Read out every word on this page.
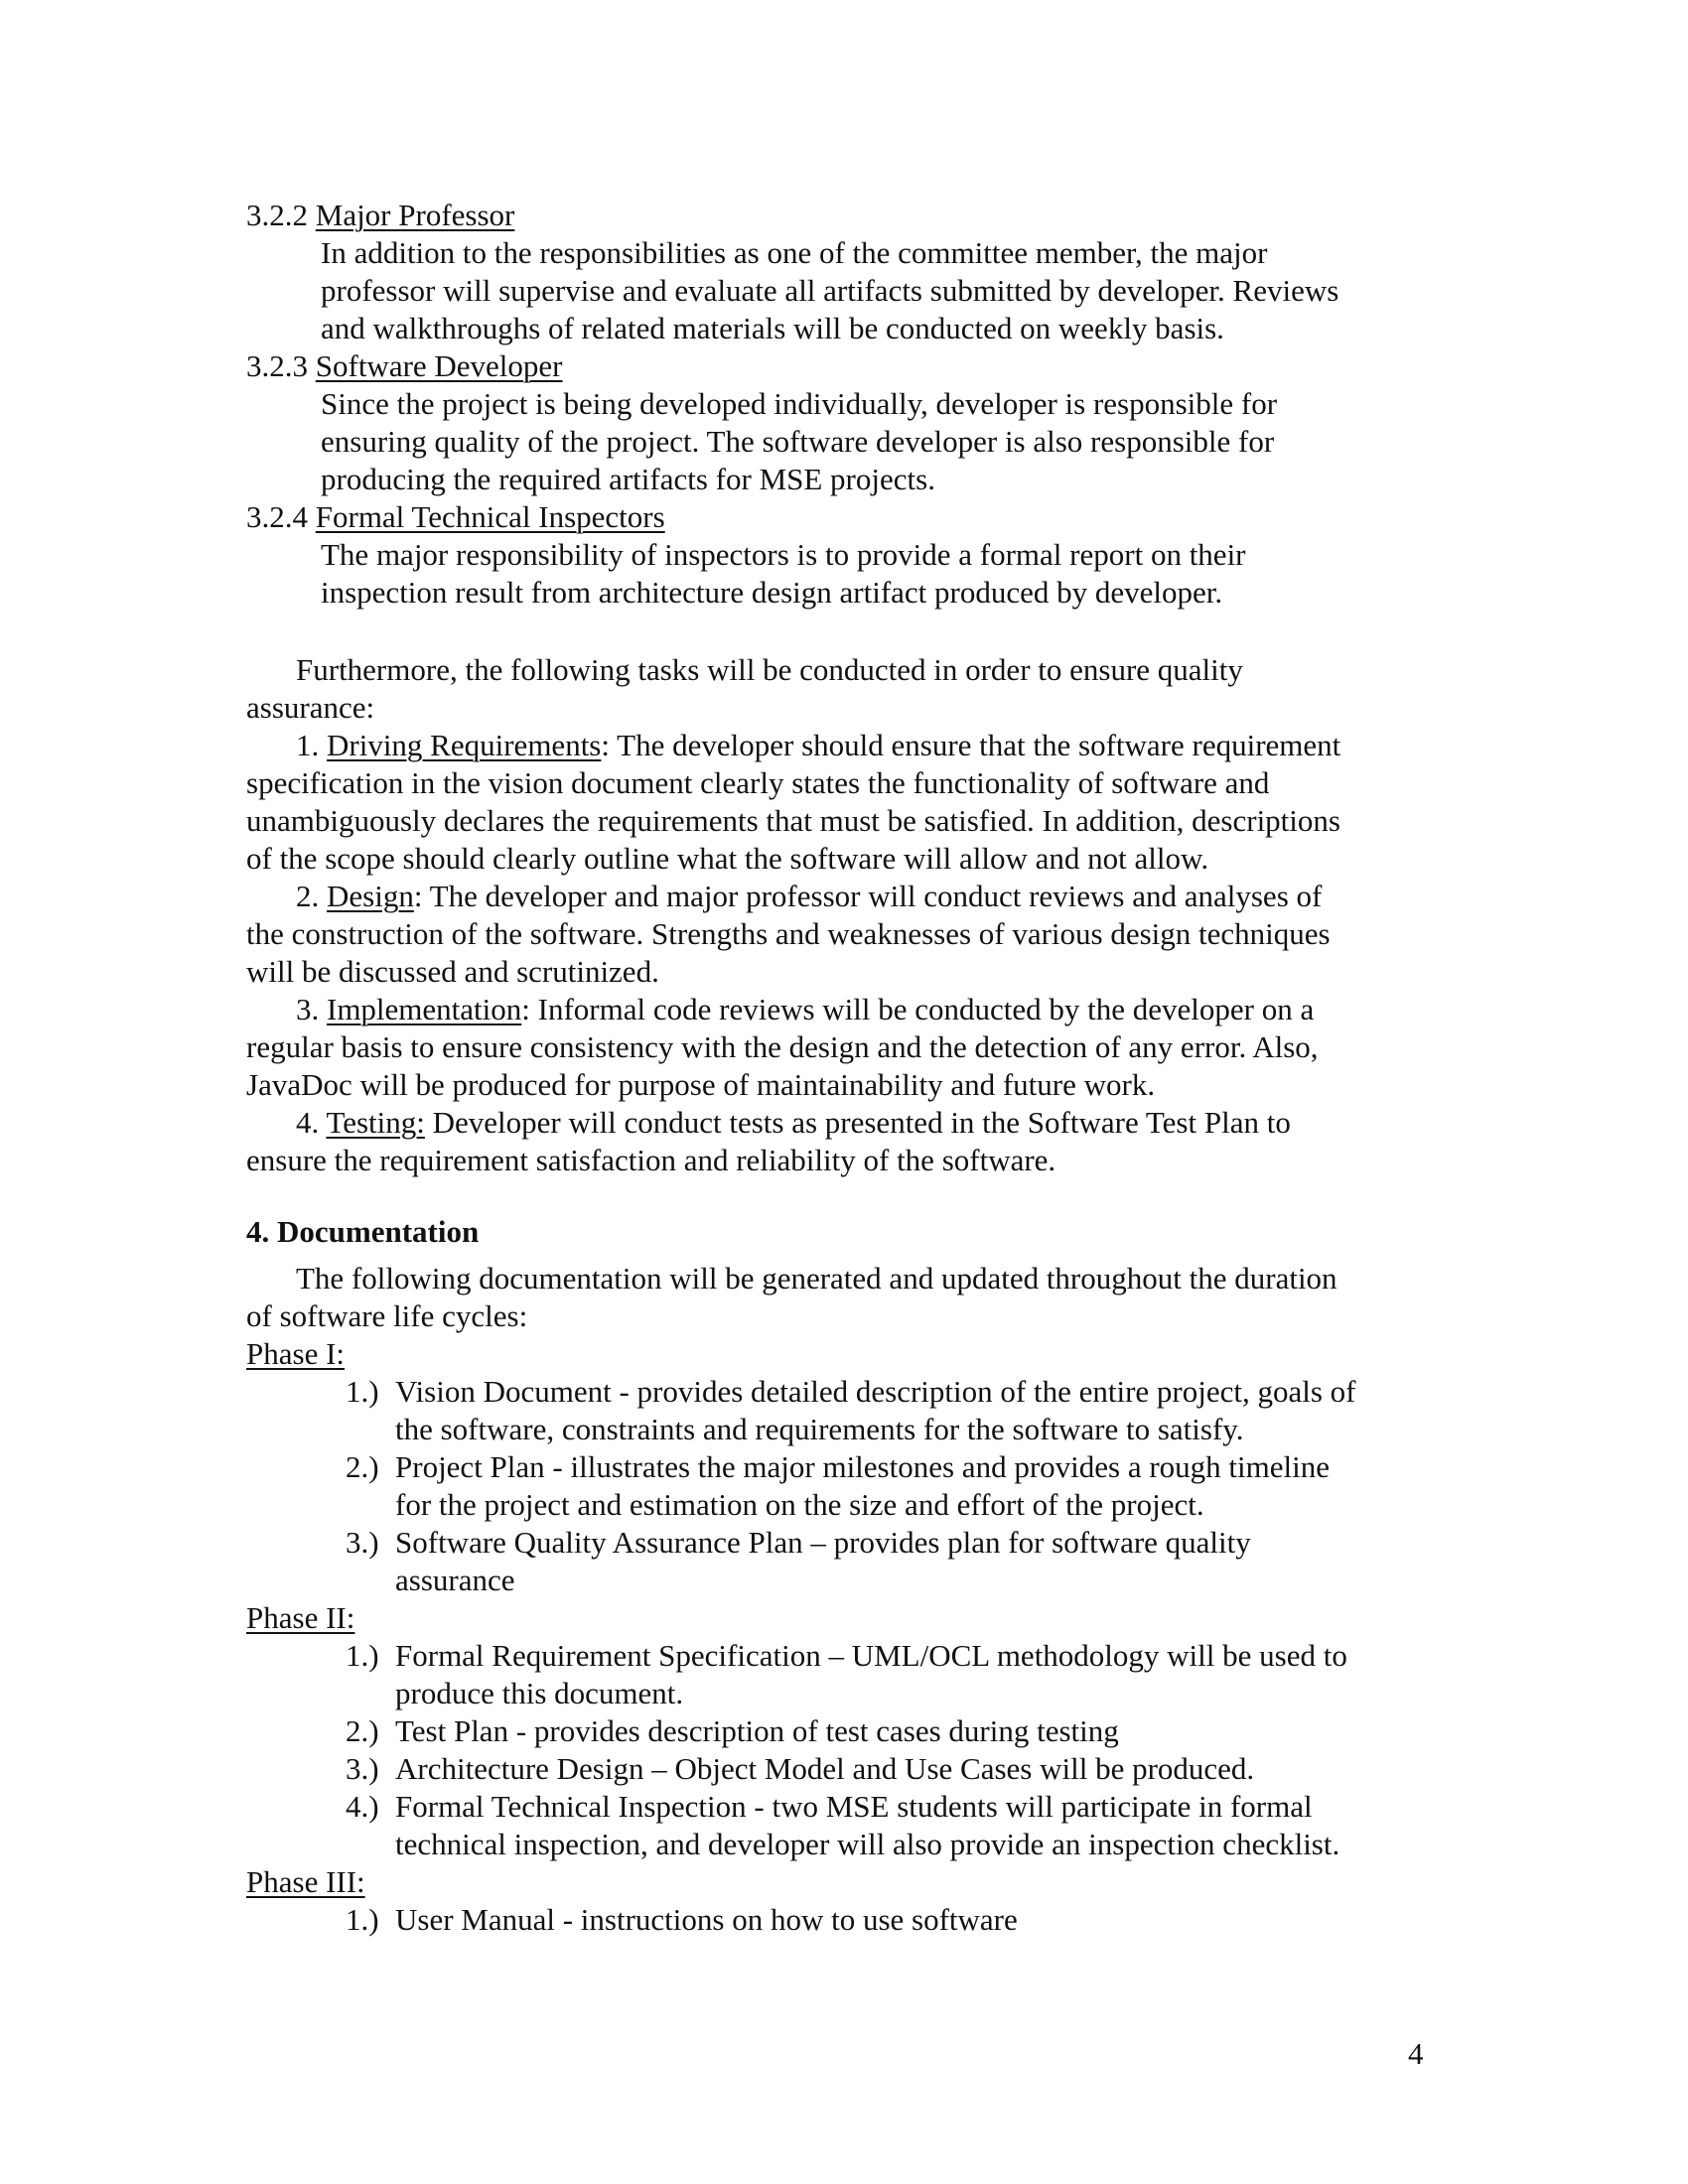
3.2.2 Major Professor
In addition to the responsibilities as one of the committee member, the major
professor will supervise and evaluate all artifacts submitted by developer. Reviews
and walkthroughs of related materials will be conducted on weekly basis.
3.2.3 Software Developer
Since the project is being developed individually, developer is responsible for
ensuring quality of the project. The software developer is also responsible for
producing the required artifacts for MSE projects.
3.2.4 Formal Technical Inspectors
The major responsibility of inspectors is to provide a formal report on their
inspection result from architecture design artifact produced by developer.
Furthermore, the following tasks will be conducted in order to ensure quality
assurance:
1. Driving Requirements: The developer should ensure that the software requirement
specification in the vision document clearly states the functionality of software and
unambiguously declares the requirements that must be satisfied. In addition, descriptions
of the scope should clearly outline what the software will allow and not allow.
2. Design: The developer and major professor will conduct reviews and analyses of
the construction of the software. Strengths and weaknesses of various design techniques
will be discussed and scrutinized.
3. Implementation: Informal code reviews will be conducted by the developer on a
regular basis to ensure consistency with the design and the detection of any error. Also,
JavaDoc will be produced for purpose of maintainability and future work.
4. Testing: Developer will conduct tests as presented in the Software Test Plan to
ensure the requirement satisfaction and reliability of the software.
4. Documentation
The following documentation will be generated and updated throughout the duration
of software life cycles:
Phase I:
1.) Vision Document - provides detailed description of the entire project, goals of
the software, constraints and requirements for the software to satisfy.
2.) Project Plan - illustrates the major milestones and provides a rough timeline
for the project and estimation on the size and effort of the project.
3.) Software Quality Assurance Plan – provides plan for software quality
assurance
Phase II:
1.) Formal Requirement Specification – UML/OCL methodology will be used to
produce this document.
2.) Test Plan - provides description of test cases during testing
3.) Architecture Design – Object Model and Use Cases will be produced.
4.) Formal Technical Inspection - two MSE students will participate in formal
technical inspection, and developer will also provide an inspection checklist.
Phase III:
1.) User Manual - instructions on how to use software
4
